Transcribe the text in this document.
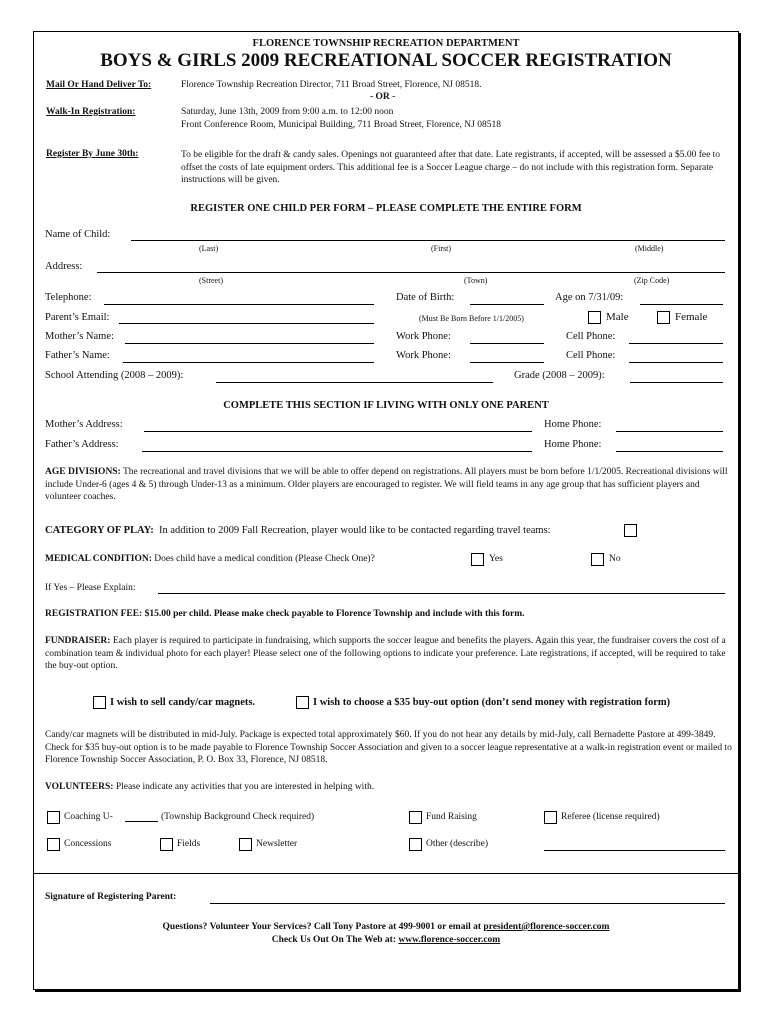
FLORENCE TOWNSHIP RECREATION DEPARTMENT
BOYS & GIRLS 2009 RECREATIONAL SOCCER REGISTRATION
Mail Or Hand Deliver To:	Florence Township Recreation Director, 711 Broad Street, Florence, NJ 08518.
- OR -
Walk-In Registration:	Saturday, June 13th, 2009 from 9:00 a.m. to 12:00 noon
Front Conference Room, Municipal Building, 711 Broad Street, Florence, NJ 08518
Register By June 30th:	To be eligible for the draft & candy sales. Openings not guaranteed after that date. Late registrants, if accepted, will be assessed a $5.00 fee to offset the costs of late equipment orders. This additional fee is a Soccer League charge – do not include with this registration form. Separate instructions will be given.
REGISTER ONE CHILD PER FORM – PLEASE COMPLETE THE ENTIRE FORM
Name of Child:
(Last)	(First)	(Middle)
Address:
(Street)	(Town)	(Zip Code)
Telephone:	Date of Birth:	Age on 7/31/09:
Parent’s Email:	(Must Be Born Before 1/1/2005)	Male	Female
Mother’s Name:	Work Phone:	Cell Phone:
Father’s Name:	Work Phone:	Cell Phone:
School Attending (2008 – 2009):	Grade (2008 – 2009):
COMPLETE THIS SECTION IF LIVING WITH ONLY ONE PARENT
Mother’s Address:	Home Phone:
Father’s Address:	Home Phone:
AGE DIVISIONS: The recreational and travel divisions that we will be able to offer depend on registrations. All players must be born before 1/1/2005. Recreational divisions will include Under-6 (ages 4 & 5) through Under-13 as a minimum. Older players are encouraged to register. We will field teams in any age group that has sufficient players and volunteer coaches.
CATEGORY OF PLAY: In addition to 2009 Fall Recreation, player would like to be contacted regarding travel teams:
MEDICAL CONDITION: Does child have a medical condition (Please Check One)?	Yes	No
If Yes – Please Explain:
REGISTRATION FEE: $15.00 per child. Please make check payable to Florence Township and include with this form.
FUNDRAISER: Each player is required to participate in fundraising, which supports the soccer league and benefits the players. Again this year, the fundraiser covers the cost of a combination team & individual photo for each player! Please select one of the following options to indicate your preference. Late registrations, if accepted, will be required to take the buy-out option.
I wish to sell candy/car magnets.	I wish to choose a $35 buy-out option (don’t send money with registration form)
Candy/car magnets will be distributed in mid-July. Package is expected total approximately $60. If you do not hear any details by mid-July, call Bernadette Pastore at 499-3849. Check for $35 buy-out option is to be made payable to Florence Township Soccer Association and given to a soccer league representative at a walk-in registration event or mailed to Florence Township Soccer Association, P. O. Box 33, Florence, NJ 08518.
VOLUNTEERS: Please indicate any activities that you are interested in helping with.
Coaching U-	(Township Background Check required)	Fund Raising	Referee (license required)
Concessions	Fields	Newsletter	Other (describe)
Signature of Registering Parent:
Questions? Volunteer Your Services? Call Tony Pastore at 499-9001 or email at president@florence-soccer.com
Check Us Out On The Web at: www.florence-soccer.com
